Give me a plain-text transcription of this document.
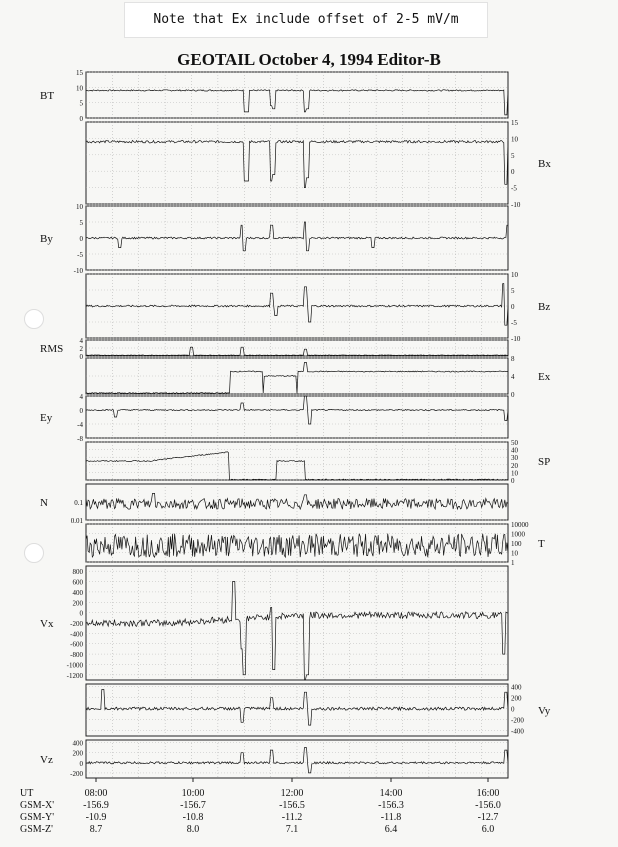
Note that Ex include offset of 2-5 mV/m
GEOTAIL October 4, 1994 Editor-B
15
10
5
0
BT
15
10
5
0
-5
-10
Bx
10
5
0
-5
-10
By
10
5
0
-5
-10
Bz
4
2
0
RMS
8
4
0
Ex
4
0
-4
-8
Ey
50
40
30
20
10
0
SP
0.1
0.01
N
10000
1000
100
10
1
T
800
600
400
200
0
-200
-400
-600
-800
-1000
-1200
Vx
400
200
0
-200
-400
Vy
400
200
0
-200
Vz
UT	08:00	10:00	12:00	14:00	16:00
GSM-X'	-156.9	-156.7	-156.5	-156.3	-156.0
GSM-Y'	-10.9	-10.8	-11.2	-11.8	-12.7
GSM-Z'	8.7	8.0	7.1	6.4	6.0
